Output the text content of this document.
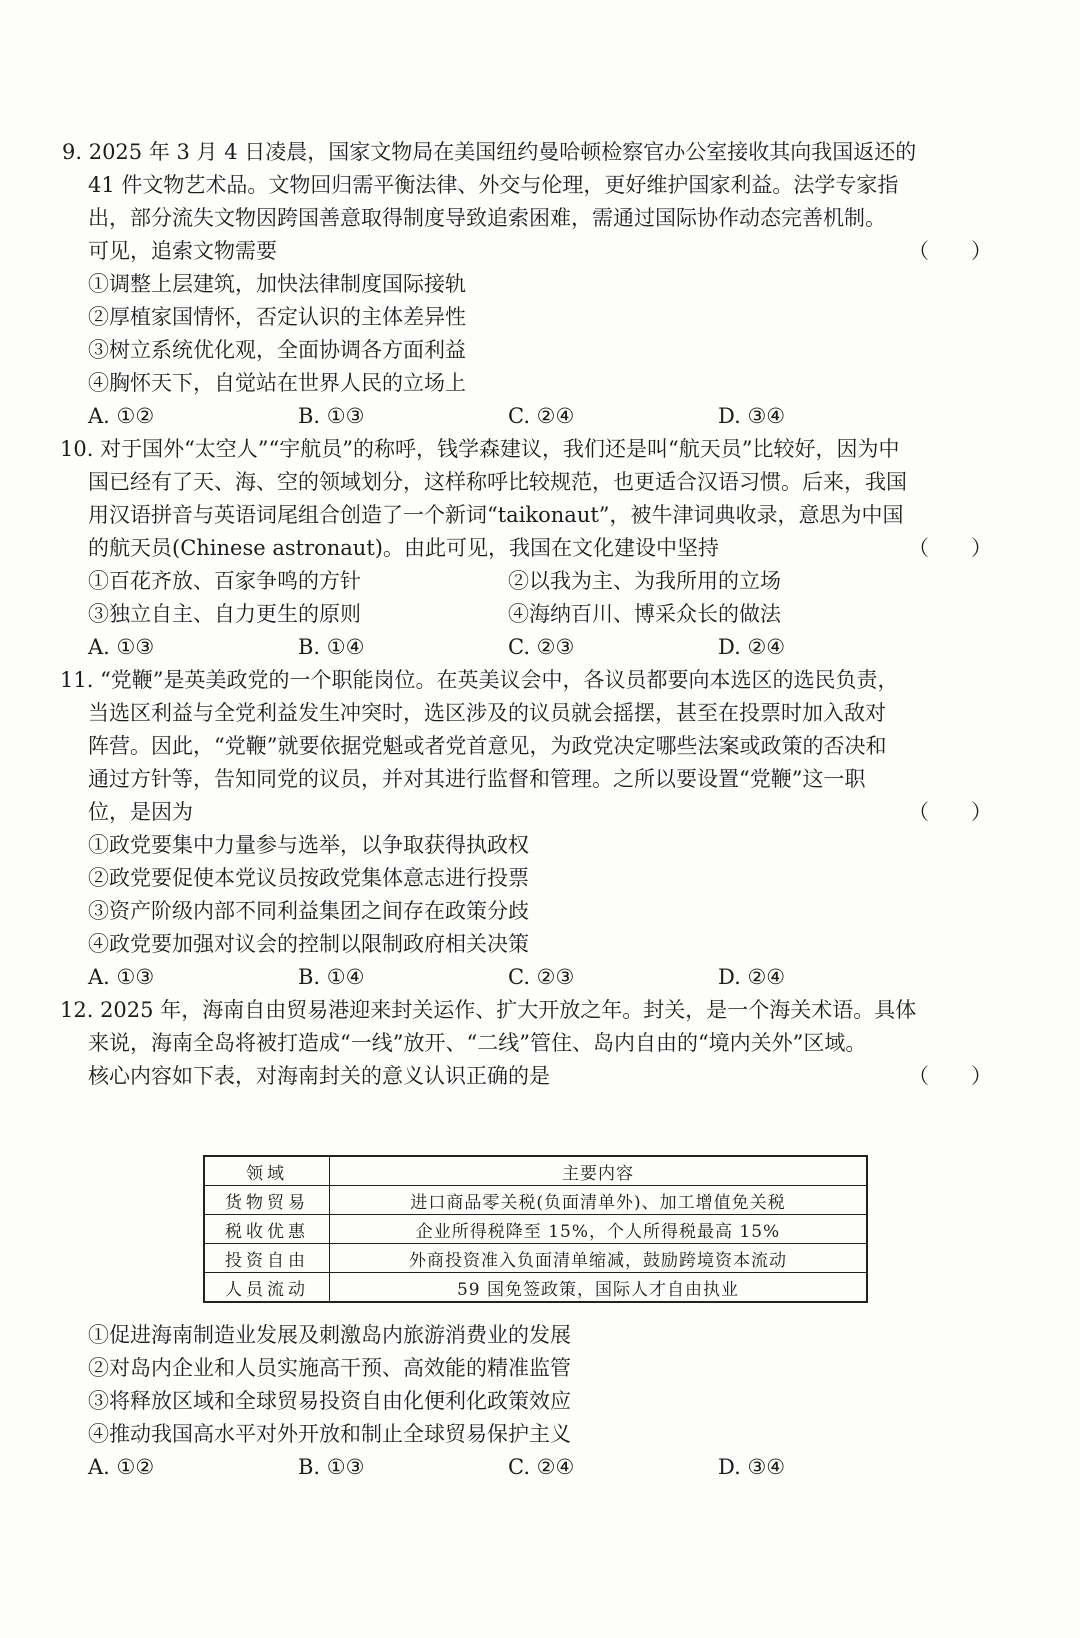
9. 2025 年 3 月 4 日凌晨，国家文物局在美国纽约曼哈顿检察官办公室接收其向我国返还的
41 件文物艺术品。文物回归需平衡法律、外交与伦理，更好维护国家利益。法学专家指
出，部分流失文物因跨国善意取得制度导致追索困难，需通过国际协作动态完善机制。
可见，追索文物需要	（　　）
①调整上层建筑，加快法律制度国际接轨
②厚植家国情怀，否定认识的主体差异性
③树立系统优化观，全面协调各方面利益
④胸怀天下，自觉站在世界人民的立场上
A. ①②	B. ①③	C. ②④	D. ③④
10. 对于国外“太空人”“宇航员”的称呼，钱学森建议，我们还是叫“航天员”比较好，因为中
国已经有了天、海、空的领域划分，这样称呼比较规范，也更适合汉语习惯。后来，我国
用汉语拼音与英语词尾组合创造了一个新词“taikonaut”，被牛津词典收录，意思为中国
的航天员(Chinese astronaut)。由此可见，我国在文化建设中坚持	（　　）
①百花齐放、百家争鸣的方针	②以我为主、为我所用的立场
③独立自主、自力更生的原则	④海纳百川、博采众长的做法
A. ①③	B. ①④	C. ②③	D. ②④
11. “党鞭”是英美政党的一个职能岗位。在英美议会中，各议员都要向本选区的选民负责，
当选区利益与全党利益发生冲突时，选区涉及的议员就会摇摆，甚至在投票时加入敌对
阵营。因此，“党鞭”就要依据党魁或者党首意见，为政党决定哪些法案或政策的否决和
通过方针等，告知同党的议员，并对其进行监督和管理。之所以要设置“党鞭”这一职
位，是因为	（　　）
①政党要集中力量参与选举，以争取获得执政权
②政党要促使本党议员按政党集体意志进行投票
③资产阶级内部不同利益集团之间存在政策分歧
④政党要加强对议会的控制以限制政府相关决策
A. ①③	B. ①④	C. ②③	D. ②④
12. 2025 年，海南自由贸易港迎来封关运作、扩大开放之年。封关，是一个海关术语。具体
来说，海南全岛将被打造成“一线”放开、“二线”管住、岛内自由的“境内关外”区域。
核心内容如下表，对海南封关的意义认识正确的是	（　　）
领域	主要内容
货物贸易	进口商品零关税(负面清单外)、加工增值免关税
税收优惠	企业所得税降至 15%，个人所得税最高 15%
投资自由	外商投资准入负面清单缩减，鼓励跨境资本流动
人员流动	59 国免签政策，国际人才自由执业
①促进海南制造业发展及刺激岛内旅游消费业的发展
②对岛内企业和人员实施高干预、高效能的精准监管
③将释放区域和全球贸易投资自由化便利化政策效应
④推动我国高水平对外开放和制止全球贸易保护主义
A. ①②	B. ①③	C. ②④	D. ③④
